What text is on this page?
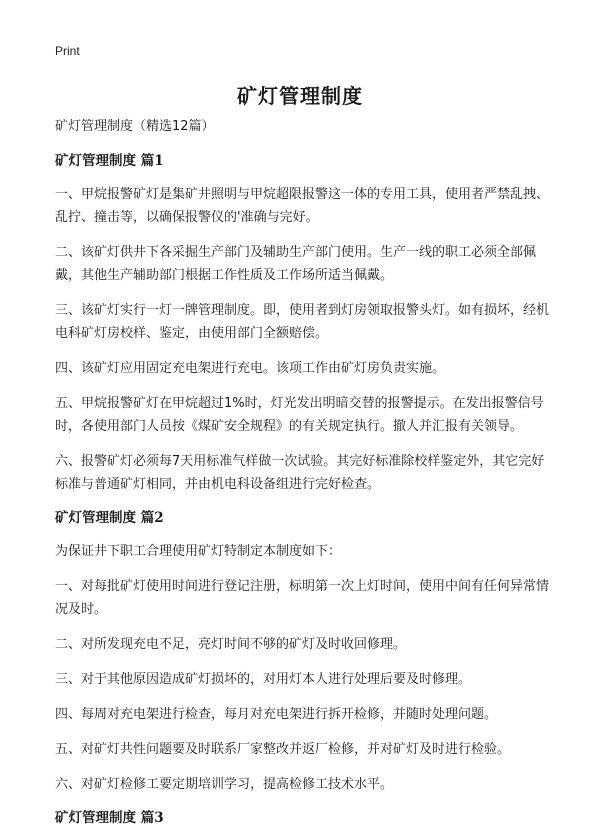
Print
矿灯管理制度
矿灯管理制度（精选12篇）
矿灯管理制度 篇1
一、甲烷报警矿灯是集矿井照明与甲烷超限报警这一体的专用工具，使用者严禁乱拽、乱拧、撞击等，以确保报警仪的'准确与完好。
二、该矿灯供井下各采掘生产部门及辅助生产部门使用。生产一线的职工必须全部佩戴，其他生产辅助部门根据工作性质及工作场所适当佩戴。
三、该矿灯实行一灯一牌管理制度。即，使用者到灯房领取报警头灯。如有损坏，经机电科矿灯房校样、鉴定，由使用部门全额赔偿。
四、该矿灯应用固定充电架进行充电。该项工作由矿灯房负责实施。
五、甲烷报警矿灯在甲烷超过1%时，灯光发出明暗交替的报警提示。在发出报警信号时，各使用部门人员按《煤矿安全规程》的有关规定执行。撤人并汇报有关领导。
六、报警矿灯必须每7天用标准气样做一次试验。其完好标准除校样鉴定外，其它完好标准与普通矿灯相同，并由机电科设备组进行完好检查。
矿灯管理制度 篇2
为保证井下职工合理使用矿灯特制定本制度如下：
一、对每批矿灯使用时间进行登记注册，标明第一次上灯时间，使用中间有任何异常情况及时。
二、对所发现充电不足，亮灯时间不够的矿灯及时收回修理。
三、对于其他原因造成矿灯损坏的，对用灯本人进行处理后要及时修理。
四、每周对充电架进行检查，每月对充电架进行拆开检修，并随时处理问题。
五、对矿灯共性问题要及时联系厂家整改并返厂检修，并对矿灯及时进行检验。
六、对矿灯检修工要定期培训学习，提高检修工技术水平。
矿灯管理制度 篇3
